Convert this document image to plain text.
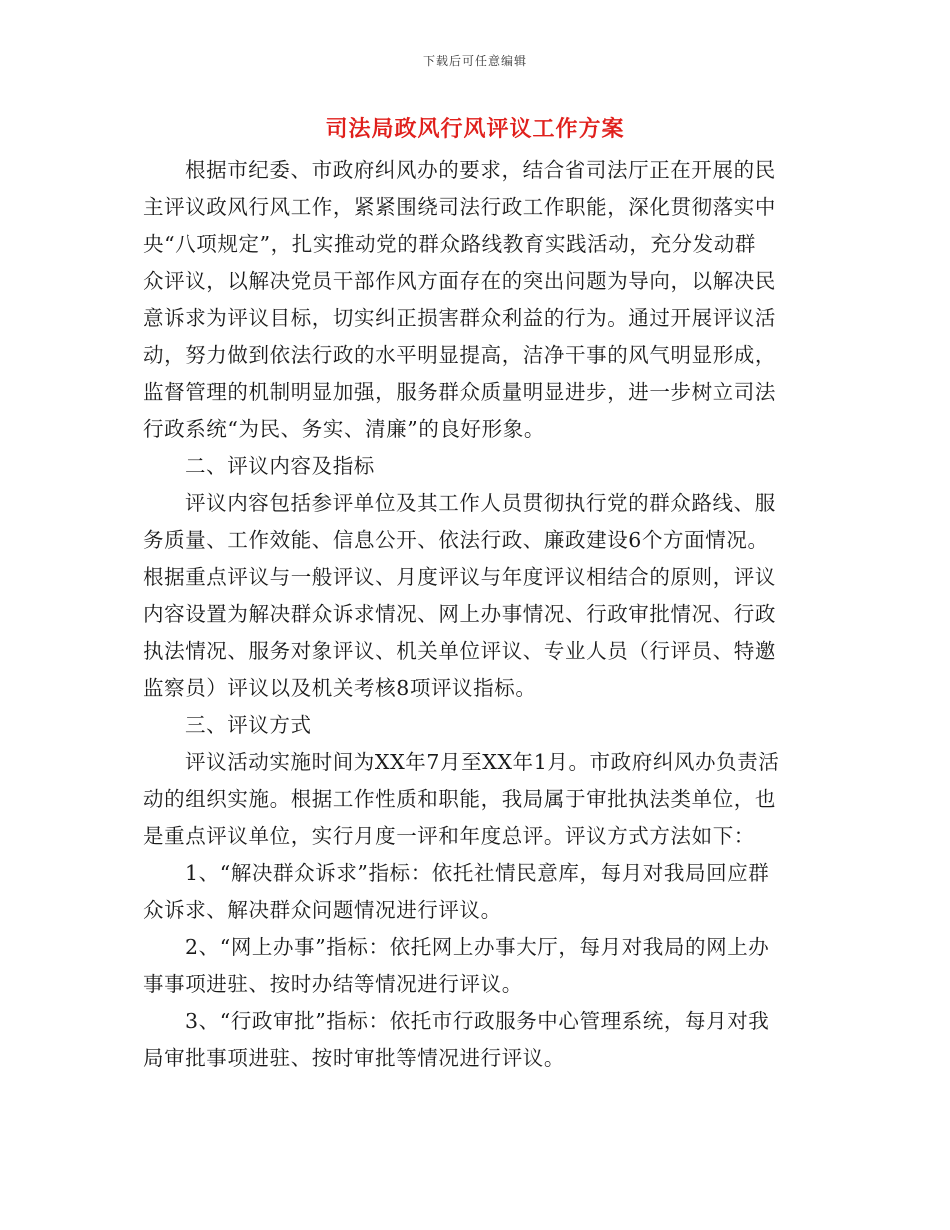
下载后可任意编辑
司法局政风行风评议工作方案
根据市纪委、市政府纠风办的要求，结合省司法厅正在开展的民
主评议政风行风工作，紧紧围绕司法行政工作职能，深化贯彻落实中
央“八项规定”，扎实推动党的群众路线教育实践活动，充分发动群
众评议，以解决党员干部作风方面存在的突出问题为导向，以解决民
意诉求为评议目标，切实纠正损害群众利益的行为。通过开展评议活
动，努力做到依法行政的水平明显提高，洁净干事的风气明显形成，
监督管理的机制明显加强，服务群众质量明显进步，进一步树立司法
行政系统“为民、务实、清廉”的良好形象。
二、评议内容及指标
评议内容包括参评单位及其工作人员贯彻执行党的群众路线、服
务质量、工作效能、信息公开、依法行政、廉政建设6个方面情况。
根据重点评议与一般评议、月度评议与年度评议相结合的原则，评议
内容设置为解决群众诉求情况、网上办事情况、行政审批情况、行政
执法情况、服务对象评议、机关单位评议、专业人员（行评员、特邀
监察员）评议以及机关考核8项评议指标。
三、评议方式
评议活动实施时间为XX年7月至XX年1月。市政府纠风办负责活
动的组织实施。根据工作性质和职能，我局属于审批执法类单位，也
是重点评议单位，实行月度一评和年度总评。评议方式方法如下：
1、“解决群众诉求”指标：依托社情民意库，每月对我局回应群
众诉求、解决群众问题情况进行评议。
2、“网上办事”指标：依托网上办事大厅，每月对我局的网上办
事事项进驻、按时办结等情况进行评议。
3、“行政审批”指标：依托市行政服务中心管理系统，每月对我
局审批事项进驻、按时审批等情况进行评议。
